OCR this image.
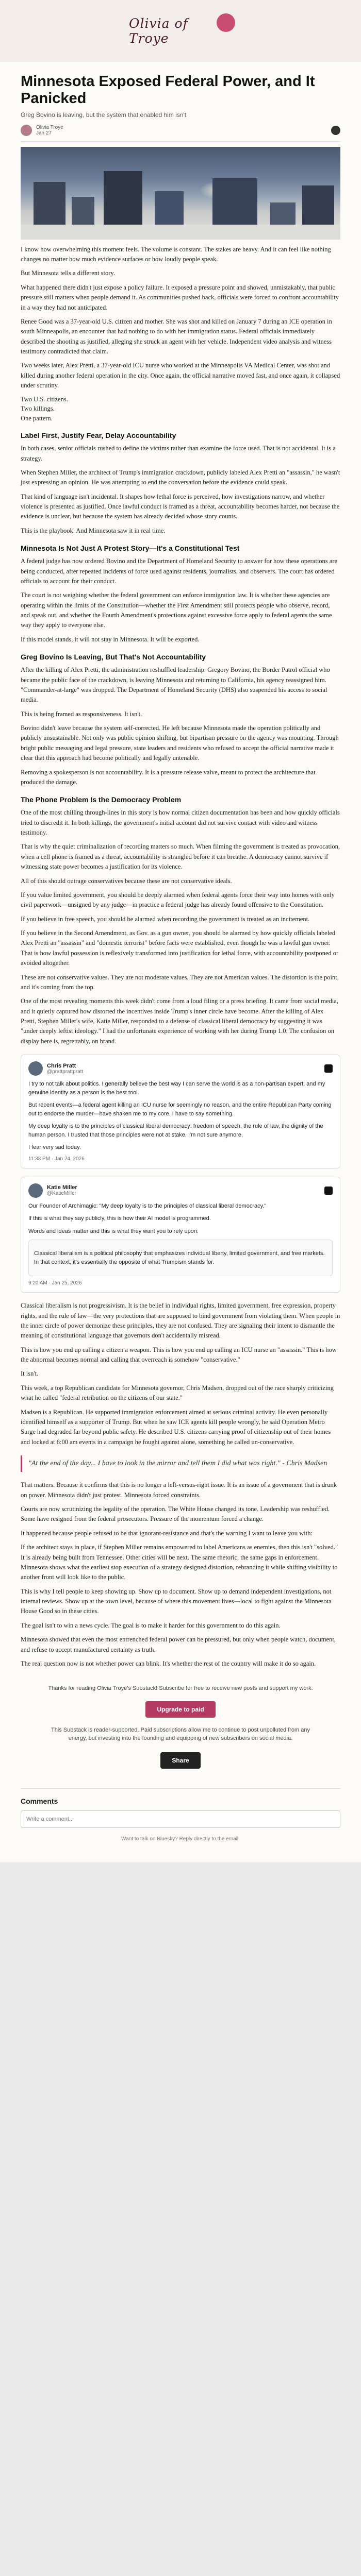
Olivia of Troye
Minnesota Exposed Federal Power, and It Panicked
Greg Bovino is leaving, but the system that enabled him isn't
Olivia Troye
Jan 27

I know how overwhelming this moment feels. The volume is constant. The stakes are heavy. And it can feel like nothing changes no matter how much evidence surfaces or how loudly people speak.

But Minnesota tells a different story.

What happened there didn't just expose a policy failure. It exposed a pressure point and showed, unmistakably, that public pressure still matters when people demand it. As communities pushed back, officials were forced to confront accountability in a way they had not anticipated.

Renee Good was a 37-year-old U.S. citizen and mother. She was shot and killed on January 7 during an ICE operation in south Minneapolis, an encounter that had nothing to do with her immigration status. Federal officials immediately described the shooting as justified, alleging she struck an agent with her vehicle. Independent video analysis and witness testimony contradicted that claim.

Two weeks later, Alex Pretti, a 37-year-old ICU nurse who worked at the Minneapolis VA Medical Center, was shot and killed during another federal operation in the city. Once again, the official narrative moved fast, and once again, it collapsed under scrutiny.

Two U.S. citizens.

Two killings.

One pattern.

Label First, Justify Fear, Delay Accountability

In both cases, senior officials rushed to define the victims rather than examine the force used. That is not accidental. It is a strategy.

When Stephen Miller, the architect of Trump's immigration crackdown, publicly labeled Alex Pretti an "assassin," he wasn't just expressing an opinion. He was attempting to end the conversation before the evidence could speak.

That kind of language isn't incidental. It shapes how lethal force is perceived, how investigations narrow, and whether violence is presented as justified. Once lawful conduct is framed as a threat, accountability becomes harder, not because the evidence is unclear, but because the system has already decided whose story counts.

This is the playbook. And Minnesota saw it in real time.

Minnesota Is Not Just A Protest Story—It's a Constitutional Test

A federal judge has now ordered Bovino and the Department of Homeland Security to answer for how these operations are being conducted, after repeated incidents of force used against residents, journalists, and observers. The court has ordered officials to account for their conduct.

The court is not weighing whether the federal government can enforce immigration law. It is whether these agencies are operating within the limits of the Constitution—whether the First Amendment still protects people who observe, record, and speak out, and whether the Fourth Amendment's protections against excessive force apply to federal agents the same way they apply to everyone else.

If this model stands, it will not stay in Minnesota. It will be exported.

Greg Bovino Is Leaving, But That's Not Accountability

After the killing of Alex Pretti, the administration reshuffled leadership. Gregory Bovino, the Border Patrol official who became the public face of the crackdown, is leaving Minnesota and returning to California, his agency reassigned him. "Commander-at-large" was dropped. The Department of Homeland Security (DHS) also suspended his access to social media.

This is being framed as responsiveness. It isn't.

Bovino didn't leave because the system self-corrected. He left because Minnesota made the operation politically and publicly unsustainable. Not only was public opinion shifting, but bipartisan pressure on the agency was mounting. Through bright public messaging and legal pressure, state leaders and residents who refused to accept the official narrative made it clear that this approach had become politically and legally untenable.

Removing a spokesperson is not accountability. It is a pressure release valve, meant to protect the architecture that produced the damage.

The Phone Problem Is the Democracy Problem

One of the most chilling through-lines in this story is how normal citizen documentation has been and how quickly officials tried to discredit it. In both killings, the government's initial account did not survive contact with video and witness testimony.

That is why the quiet criminalization of recording matters so much. When filming the government is treated as provocation, when a cell phone is framed as a threat, accountability is strangled before it can breathe. A democracy cannot survive if witnessing state power becomes a justification for its violence.

All of this should outrage conservatives because these are not conservative ideals.

If you value limited government, you should be deeply alarmed when federal agents force their way into homes with only civil paperwork—unsigned by any judge—in practice a federal judge has already found offensive to the Constitution.

If you believe in free speech, you should be alarmed when recording the government is treated as an incitement.

If you believe in the Second Amendment, as Gov. as a gun owner, you should be alarmed by how quickly officials labeled Alex Pretti an "assassin" and "domestic terrorist" before facts were established, even though he was a lawful gun owner. That is how lawful possession is reflexively transformed into justification for lethal force, with accountability postponed or avoided altogether.

These are not conservative values. They are not moderate values. They are not American values. The distortion is the point, and it's coming from the top.

One of the most revealing moments this week didn't come from a loud filing or a press briefing. It came from social media, and it quietly captured how distorted the incentives inside Trump's inner circle have become. After the killing of Alex Pretti, Stephen Miller's wife, Katie Miller, responded to a defense of classical liberal democracy by suggesting it was "under deeply leftist ideology." I had the unfortunate experience of working with her during Trump 1.0. The confusion on display here is, regrettably, on brand.

Chris Pratt
@prattprattpratt

I try to not talk about politics. I generally believe the best way I can serve the world is as a non-partisan expert, and my genuine identity as a person is the best tool.

But recent events—a federal agent killing an ICU nurse for seemingly no reason, and the entire Republican Party coming out to endorse the murder—have shaken me to my core. I have to say something.

My deep loyalty is to the principles of classical liberal democracy: freedom of speech, the rule of law, the dignity of the human person. I trusted that those principles were not at stake. I'm not sure anymore.

I fear very sad today.

11:38 PM · Jan 24, 2026
Katie Miller
@KatieMiller

Our Founder of Archimagic: "My deep loyalty is to the principles of classical liberal democracy."

If this is what they say publicly, this is how their AI model is programmed.

Words and ideas matter and this is what they want you to rely upon.

Classical liberalism is a political philosophy that emphasizes individual liberty, limited government, and free markets. In that context, it's essentially the opposite of what Trumpism stands for.

9:20 AM · Jan 25, 2026

Classical liberalism is not progressivism. It is the belief in individual rights, limited government, free expression, property rights, and the rule of law—the very protections that are supposed to bind government from violating them. When people in the inner circle of power demonize these principles, they are not confused. They are signaling their intent to dismantle the meaning of constitutional language that governors don't accidentally misread.

This is how you end up calling a citizen a weapon. This is how you end up calling an ICU nurse an "assassin." This is how the abnormal becomes normal and calling that overreach is somehow "conservative."

It isn't.

This week, a top Republican candidate for Minnesota governor, Chris Madsen, dropped out of the race sharply criticizing what he called "federal retribution on the citizens of our state."

Madsen is a Republican. He supported immigration enforcement aimed at serious criminal activity. He even personally identified himself as a supporter of Trump. But when he saw ICE agents kill people wrongly, he said Operation Metro Surge had degraded far beyond public safety. He described U.S. citizens carrying proof of citizenship out of their homes and locked at 6:00 am events in a campaign he fought against alone, something he called un-conservative.

"At the end of the day... I have to look in the mirror and tell them I did what was right." - Chris Madsen

That matters. Because it confirms that this is no longer a left-versus-right issue. It is an issue of a government that is drunk on power. Minnesota didn't just protest. Minnesota forced constraints.

Courts are now scrutinizing the legality of the operation. The White House changed its tone. Leadership was reshuffled. Some have resigned from the federal prosecutors. Pressure of the momentum forced a change.

It happened because people refused to be that ignorant-resistance and that's the warning I want to leave you with:

If the architect stays in place, if Stephen Miller remains empowered to label Americans as enemies, then this isn't "solved." It is already being built from Tennessee. Other cities will be next. The same rhetoric, the same gaps in enforcement. Minnesota shows what the earliest stop execution of a strategy designed distortion, rebranding it while shifting visibility to another front will look like to the public.

This is why I tell people to keep showing up. Show up to document. Show up to demand independent investigations, not internal reviews. Show up at the town level, because of where this movement lives—local to fight against the Minnesota House Good so in these cities.

The goal isn't to win a news cycle. The goal is to make it harder for this government to do this again.

Minnesota showed that even the most entrenched federal power can be pressured, but only when people watch, document, and refuse to accept manufactured certainty as truth.

The real question now is not whether power can blink. It's whether the rest of the country will make it do so again.

Thanks for reading Olivia Troye's Substack! Subscribe for free to receive new posts and support my work.

Upgrade to paid

This Substack is reader-supported. Paid subscriptions allow me to continue to post unpolluted from any energy, but investing into the founding and equipping of new subscribers on social media.

Share
Comments
Write a comment...
Want to talk on Bluesky? Reply directly to the email.
